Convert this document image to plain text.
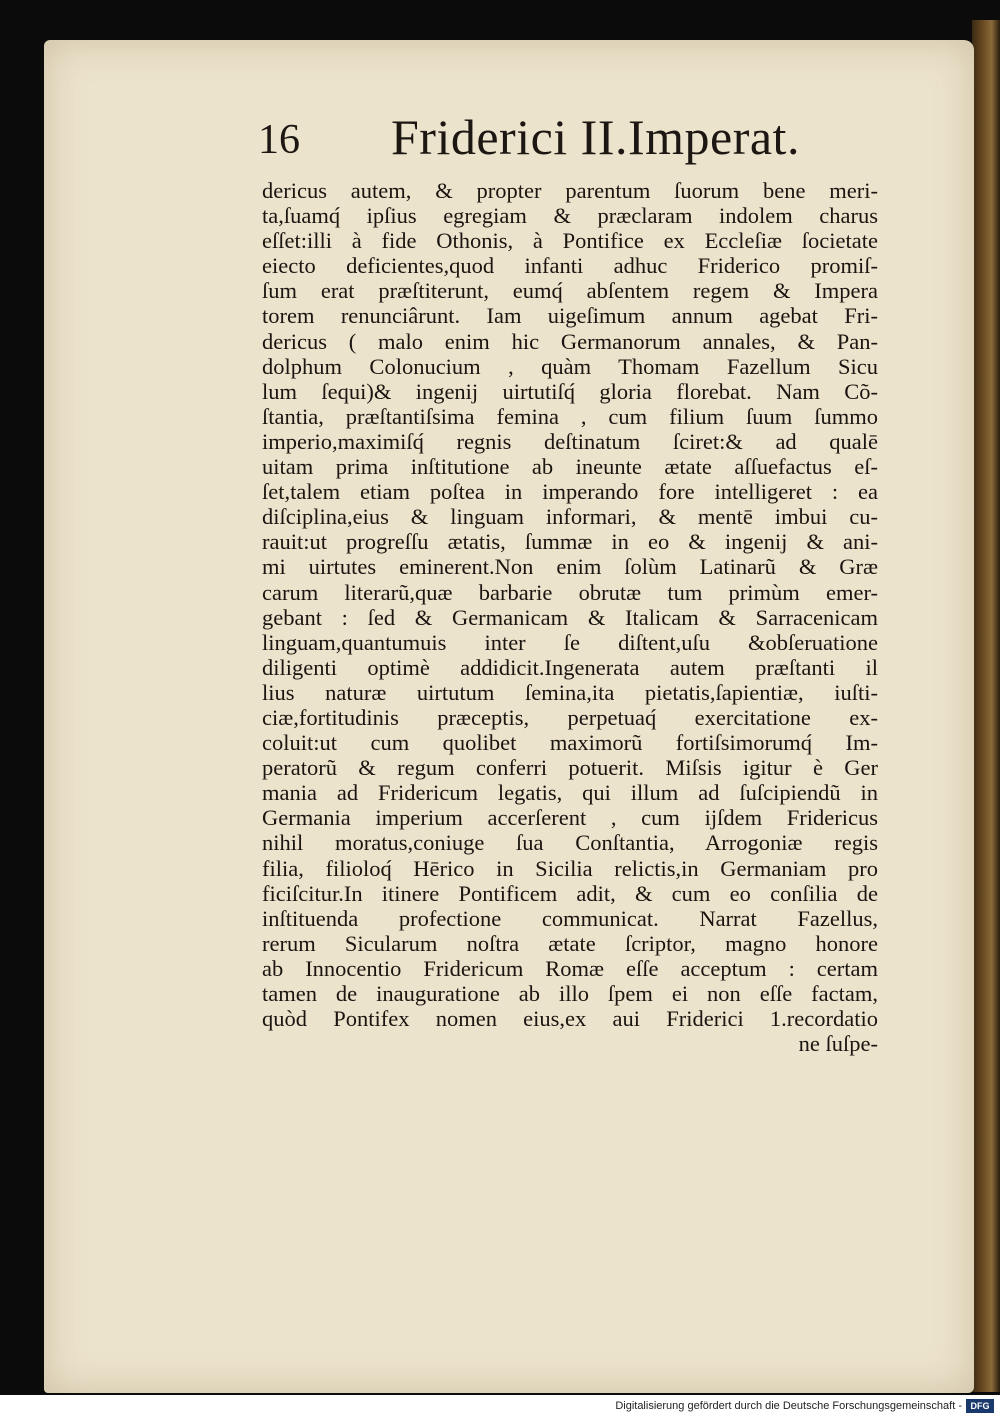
16 Friderici II.Imperat.
dericus autem, & propter parentum ſuorum bene meri-
ta,ſuamq́ ipſius egregiam & præclaram indolem charus
eſſet:illi à fide Othonis, à Pontifice ex Eccleſiæ ſocietate
eiecto deficientes,quod infanti adhuc Friderico promiſ-
ſum erat præſtiterunt, eumq́ abſentem regem & Impera
torem renunciârunt. Iam uigeſimum annum agebat Fri-
dericus ( malo enim hic Germanorum annales, & Pan-
dolphum Colonucium , quàm Thomam Fazellum Sicu
lum ſequi)& ingenij uirtutiſq́ gloria florebat. Nam Cõ-
ſtantia, præſtantiſsima femina , cum filium ſuum ſummo
imperio,maximiſq́ regnis deſtinatum ſciret:& ad qualē
uitam prima inſtitutione ab ineunte ætate aſſuefactus eſ-
ſet,talem etiam poſtea in imperando fore intelligeret : ea
diſciplina,eius & linguam informari, & mentē imbui cu-
rauit:ut progreſſu ætatis, ſummæ in eo & ingenij & ani-
mi uirtutes eminerent.Non enim ſolùm Latinarũ & Græ
carum literarũ,quæ barbarie obrutæ tum primùm emer-
gebant : ſed & Germanicam & Italicam & Sarracenicam
linguam,quantumuis inter ſe diſtent,uſu &obſeruatione
diligenti optimè addidicit.Ingenerata autem præſtanti il
lius naturæ uirtutum ſemina,ita pietatis,ſapientiæ, iuſti-
ciæ,fortitudinis præceptis, perpetuaq́ exercitatione ex-
coluit:ut cum quolibet maximorũ fortiſsimorumq́ Im-
peratorũ & regum conferri potuerit. Miſsis igitur è Ger
mania ad Fridericum legatis, qui illum ad ſuſcipiendũ in
Germania imperium accerſerent , cum ijſdem Fridericus
nihil moratus,coniuge ſua Conſtantia, Arrogoniæ regis
filia, filioloq́ Hērico in Sicilia relictis,in Germaniam pro
ficiſcitur.In itinere Pontificem adit, & cum eo conſilia de
inſtituenda profectione communicat. Narrat Fazellus,
rerum Sicularum noſtra ætate ſcriptor, magno honore
ab Innocentio Fridericum Romæ eſſe acceptum : certam
tamen de inauguratione ab illo ſpem ei non eſſe factam,
quòd Pontifex nomen eius,ex aui Friderici 1.recordatio
ne ſuſpe-
Digitalisierung gefördert durch die Deutsche Forschungsgemeinschaft - DFG
